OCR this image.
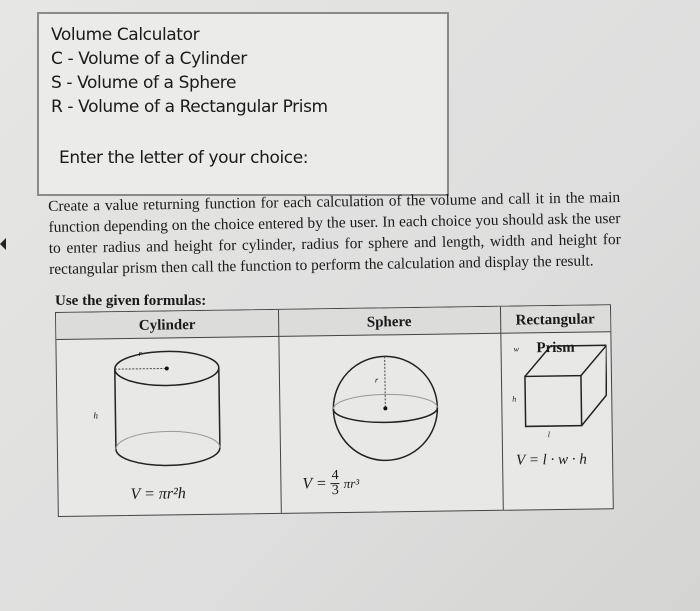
Volume Calculator
C - Volume of a Cylinder
S - Volume of a Sphere
R - Volume of a Rectangular Prism
Enter the letter of your choice:
Create a value returning function for each calculation of the volume and call it in the main function depending on the choice entered by the user. In each choice you should ask the user to enter radius and height for cylinder, radius for sphere and length, width and height for rectangular prism then call the function to perform the calculation and display the result.
Use the given formulas:
Cylinder	Sphere	Rectangular Prism
r
h
V = πr²h
r
$V = \frac{4}{3} \pi r^3$
w
h
l
V = l · w · h
